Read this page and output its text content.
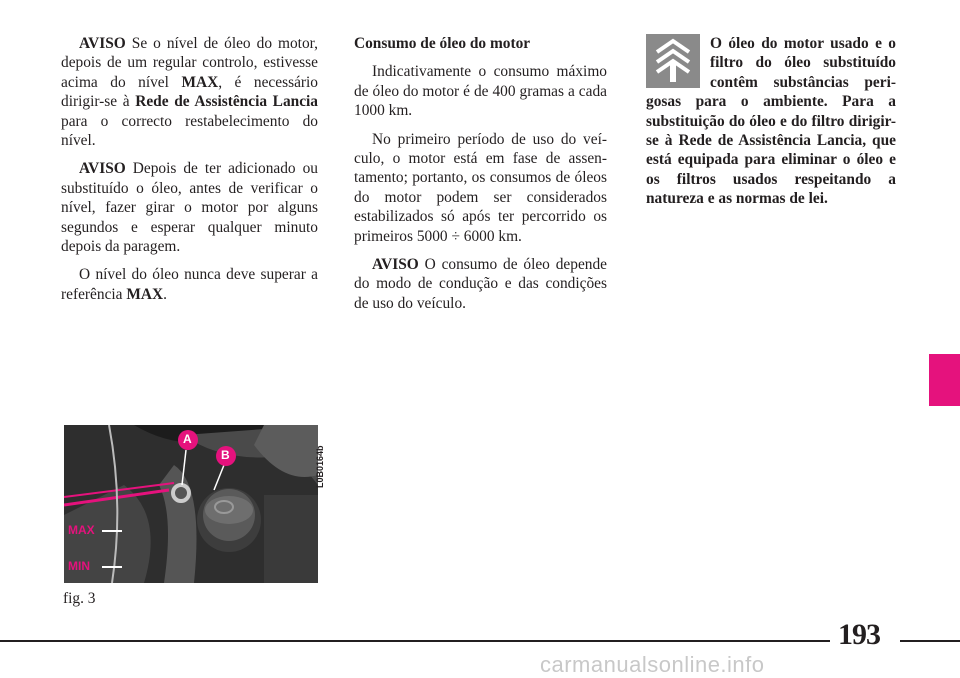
AVISO Se o nível de óleo do motor, depois de um regular controlo, estivesse acima do nível MAX, é necessário dirigir-se à Rede de Assistência Lancia para o correcto restabelecimento do nível.

AVISO Depois de ter adicionado ou substituído o óleo, antes de verificar o nível, fazer girar o motor por alguns segundos e esperar qualquer minuto depois da paragem.

O nível do óleo nunca deve superar a referência MAX.

Consumo de óleo do motor

Indicativamente o consumo máximo de óleo do motor é de 400 gramas a cada 1000 km.

No primeiro período de uso do veículo, o motor está em fase de assentamento; portanto, os consumos de óleos do motor podem ser considerados estabilizados só após ter percorrido os primeiros 5000 ÷ 6000 km.

AVISO O consumo de óleo depende do modo de condução e das condições de uso do veículo.

O óleo do motor usado e o filtro do óleo substituído contêm substâncias perigosas para o ambiente. Para a substituição do óleo e do filtro dirigir-se à Rede de Assistência Lancia, que está equipada para eliminar o óleo e os filtros usados respeitando a natureza e as normas de lei.

A
B
MAX
MIN
L0B0164b
fig. 3
193
carmanualsonline.info
